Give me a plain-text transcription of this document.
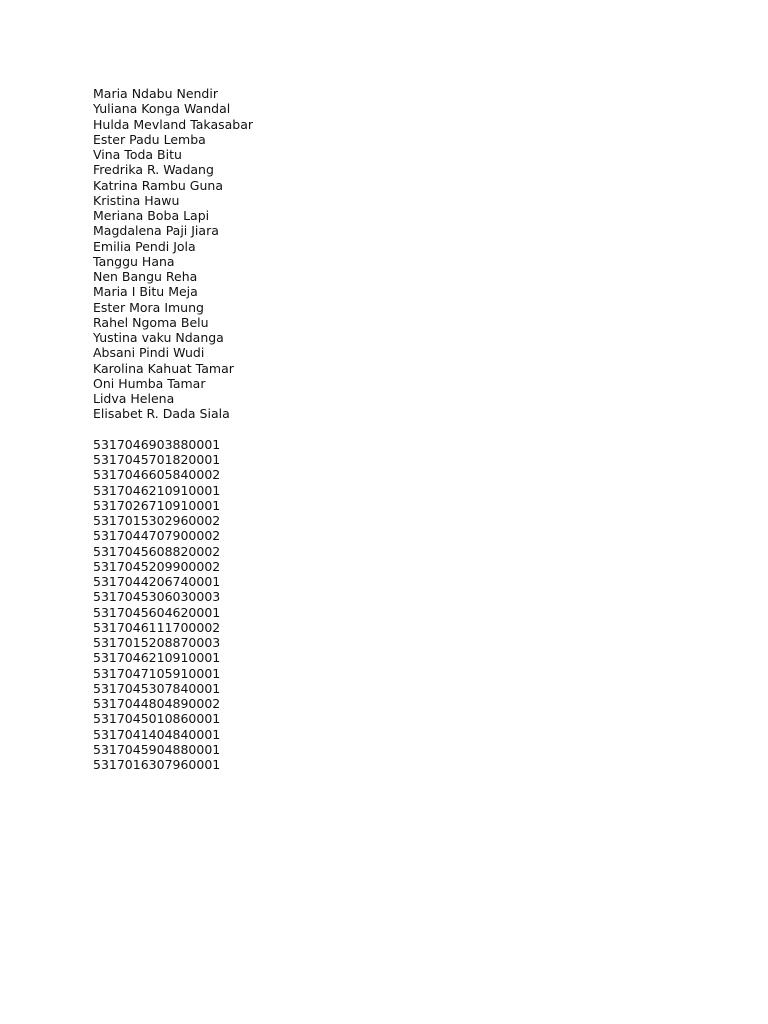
Maria Ndabu Nendir
Yuliana Konga Wandal
Hulda Mevland Takasabar
Ester Padu Lemba
Vina Toda Bitu
Fredrika R. Wadang
Katrina Rambu Guna
Kristina Hawu
Meriana Boba Lapi
Magdalena Paji Jiara
Emilia Pendi Jola
Tanggu Hana
Nen Bangu Reha
Maria I Bitu Meja
Ester Mora Imung
Rahel Ngoma Belu
Yustina vaku Ndanga
Absani Pindi Wudi
Karolina Kahuat Tamar
Oni Humba Tamar
Lidva Helena
Elisabet R. Dada Siala
5317046903880001
5317045701820001
5317046605840002
5317046210910001
5317026710910001
5317015302960002
5317044707900002
5317045608820002
5317045209900002
5317044206740001
5317045306030003
5317045604620001
5317046111700002
5317015208870003
5317046210910001
5317047105910001
5317045307840001
5317044804890002
5317045010860001
5317041404840001
5317045904880001
5317016307960001
